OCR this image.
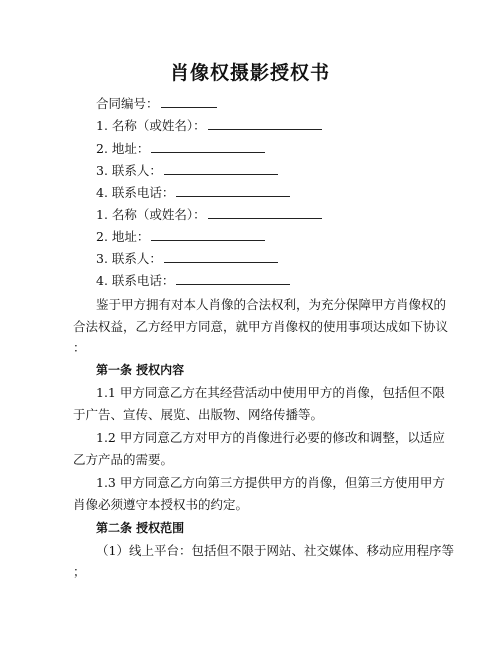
肖像权摄影授权书
合同编号：
1. 名称（或姓名）：
2. 地址：
3. 联系人：
4. 联系电话：
1. 名称（或姓名）：
2. 地址：
3. 联系人：
4. 联系电话：
鉴于甲方拥有对本人肖像的合法权利，为充分保障甲方肖像权的
合法权益，乙方经甲方同意，就甲方肖像权的使用事项达成如下协议
：
第一条 授权内容
1.1 甲方同意乙方在其经营活动中使用甲方的肖像，包括但不限
于广告、宣传、展览、出版物、网络传播等。
1.2 甲方同意乙方对甲方的肖像进行必要的修改和调整，以适应
乙方产品的需要。
1.3 甲方同意乙方向第三方提供甲方的肖像，但第三方使用甲方
肖像必须遵守本授权书的约定。
第二条 授权范围
（1）线上平台：包括但不限于网站、社交媒体、移动应用程序等
；
